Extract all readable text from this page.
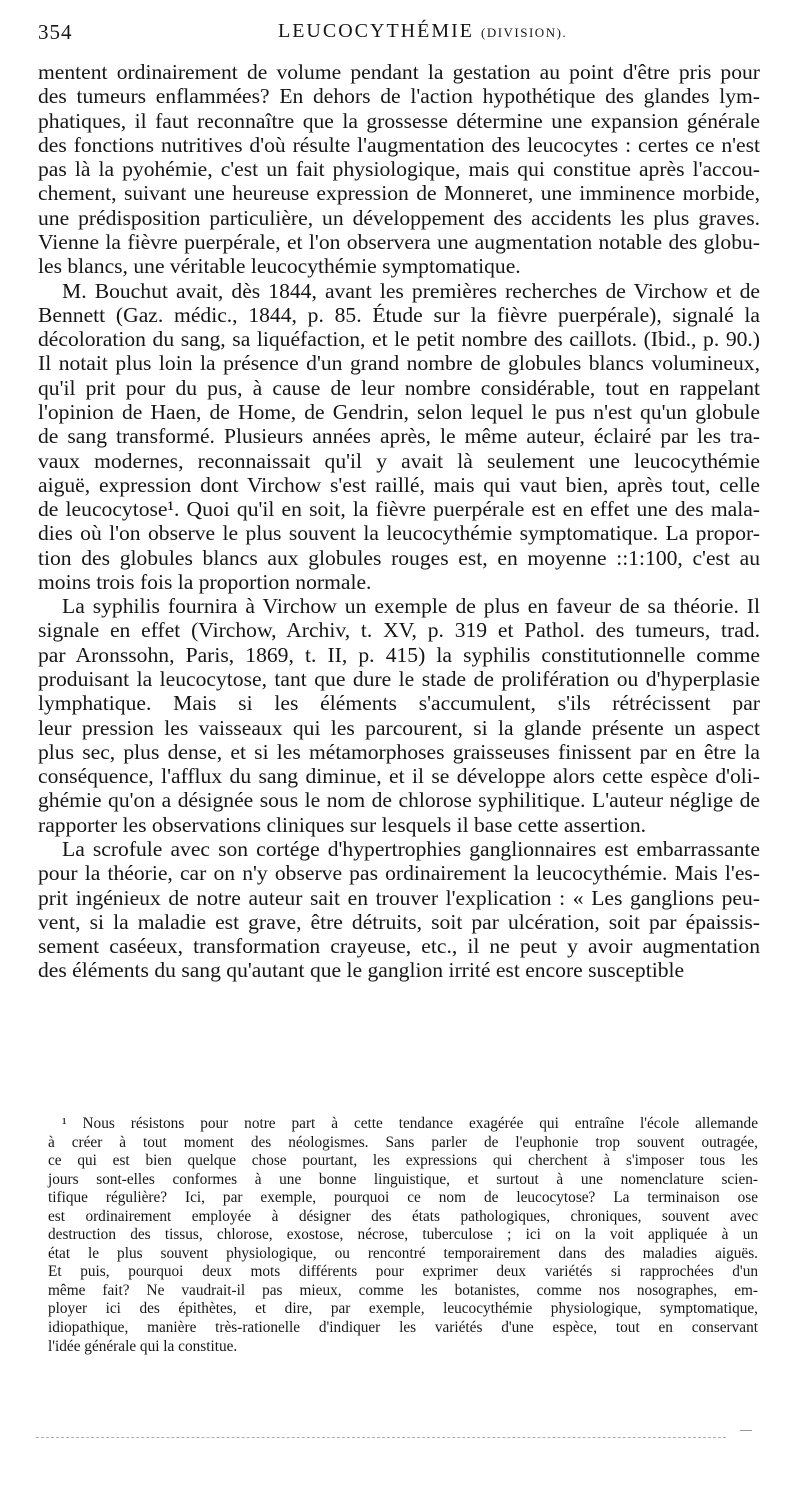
354	LEUCOCYTHÉMIE (DIVISION).

mentent ordinairement de volume pendant la gestation au point d'être pris pour
des tumeurs enflammées? En dehors de l'action hypothétique des glandes lym-
phatiques, il faut reconnaître que la grossesse détermine une expansion générale
des fonctions nutritives d'où résulte l'augmentation des leucocytes : certes ce n'est
pas là la pyohémie, c'est un fait physiologique, mais qui constitue après l'accou-
chement, suivant une heureuse expression de Monneret, une imminence morbide,
une prédisposition particulière, un développement des accidents les plus graves.
Vienne la fièvre puerpérale, et l'on observera une augmentation notable des globu-
les blancs, une véritable leucocythémie symptomatique.

M. Bouchut avait, dès 1844, avant les premières recherches de Virchow et de
Bennett (Gaz. médic., 1844, p. 85. Étude sur la fièvre puerpérale), signalé la
décoloration du sang, sa liquéfaction, et le petit nombre des caillots. (Ibid., p. 90.)
Il notait plus loin la présence d'un grand nombre de globules blancs volumineux,
qu'il prit pour du pus, à cause de leur nombre considérable, tout en rappelant
l'opinion de Haen, de Home, de Gendrin, selon lequel le pus n'est qu'un globule
de sang transformé. Plusieurs années après, le même auteur, éclairé par les tra-
vaux modernes, reconnaissait qu'il y avait là seulement une leucocythémie
aiguë, expression dont Virchow s'est raillé, mais qui vaut bien, après tout, celle
de leucocytose¹. Quoi qu'il en soit, la fièvre puerpérale est en effet une des mala-
dies où l'on observe le plus souvent la leucocythémie symptomatique. La propor-
tion des globules blancs aux globules rouges est, en moyenne ::1:100, c'est au
moins trois fois la proportion normale.

La syphilis fournira à Virchow un exemple de plus en faveur de sa théorie. Il
signale en effet (Virchow, Archiv, t. XV, p. 319 et Pathol. des tumeurs, trad.
par Aronssohn, Paris, 1869, t. II, p. 415) la syphilis constitutionnelle comme
produisant la leucocytose, tant que dure le stade de prolifération ou d'hyperplasie
lymphatique. Mais si les éléments s'accumulent, s'ils rétrécissent par
leur pression les vaisseaux qui les parcourent, si la glande présente un aspect
plus sec, plus dense, et si les métamorphoses graisseuses finissent par en être la
conséquence, l'afflux du sang diminue, et il se développe alors cette espèce d'oli-
ghémie qu'on a désignée sous le nom de chlorose syphilitique. L'auteur néglige de
rapporter les observations cliniques sur lesquels il base cette assertion.

La scrofule avec son cortége d'hypertrophies ganglionnaires est embarrassante
pour la théorie, car on n'y observe pas ordinairement la leucocythémie. Mais l'es-
prit ingénieux de notre auteur sait en trouver l'explication : « Les ganglions peu-
vent, si la maladie est grave, être détruits, soit par ulcération, soit par épaissis-
sement caséeux, transformation crayeuse, etc., il ne peut y avoir augmentation
des éléments du sang qu'autant que le ganglion irrité est encore susceptible

¹ Nous résistons pour notre part à cette tendance exagérée qui entraîne l'école allemande
à créer à tout moment des néologismes. Sans parler de l'euphonie trop souvent outragée,
ce qui est bien quelque chose pourtant, les expressions qui cherchent à s'imposer tous les
jours sont-elles conformes à une bonne linguistique, et surtout à une nomenclature scien-
tifique régulière? Ici, par exemple, pourquoi ce nom de leucocytose? La terminaison ose
est ordinairement employée à désigner des états pathologiques, chroniques, souvent avec
destruction des tissus, chlorose, exostose, nécrose, tuberculose ; ici on la voit appliquée à un
état le plus souvent physiologique, ou rencontré temporairement dans des maladies aiguës.
Et puis, pourquoi deux mots différents pour exprimer deux variétés si rapprochées d'un
même fait? Ne vaudrait-il pas mieux, comme les botanistes, comme nos nosographes, em-
ployer ici des épithètes, et dire, par exemple, leucocythémie physiologique, symptomatique,
idiopathique, manière très-rationelle d'indiquer les variétés d'une espèce, tout en conservant
l'idée générale qui la constitue.
